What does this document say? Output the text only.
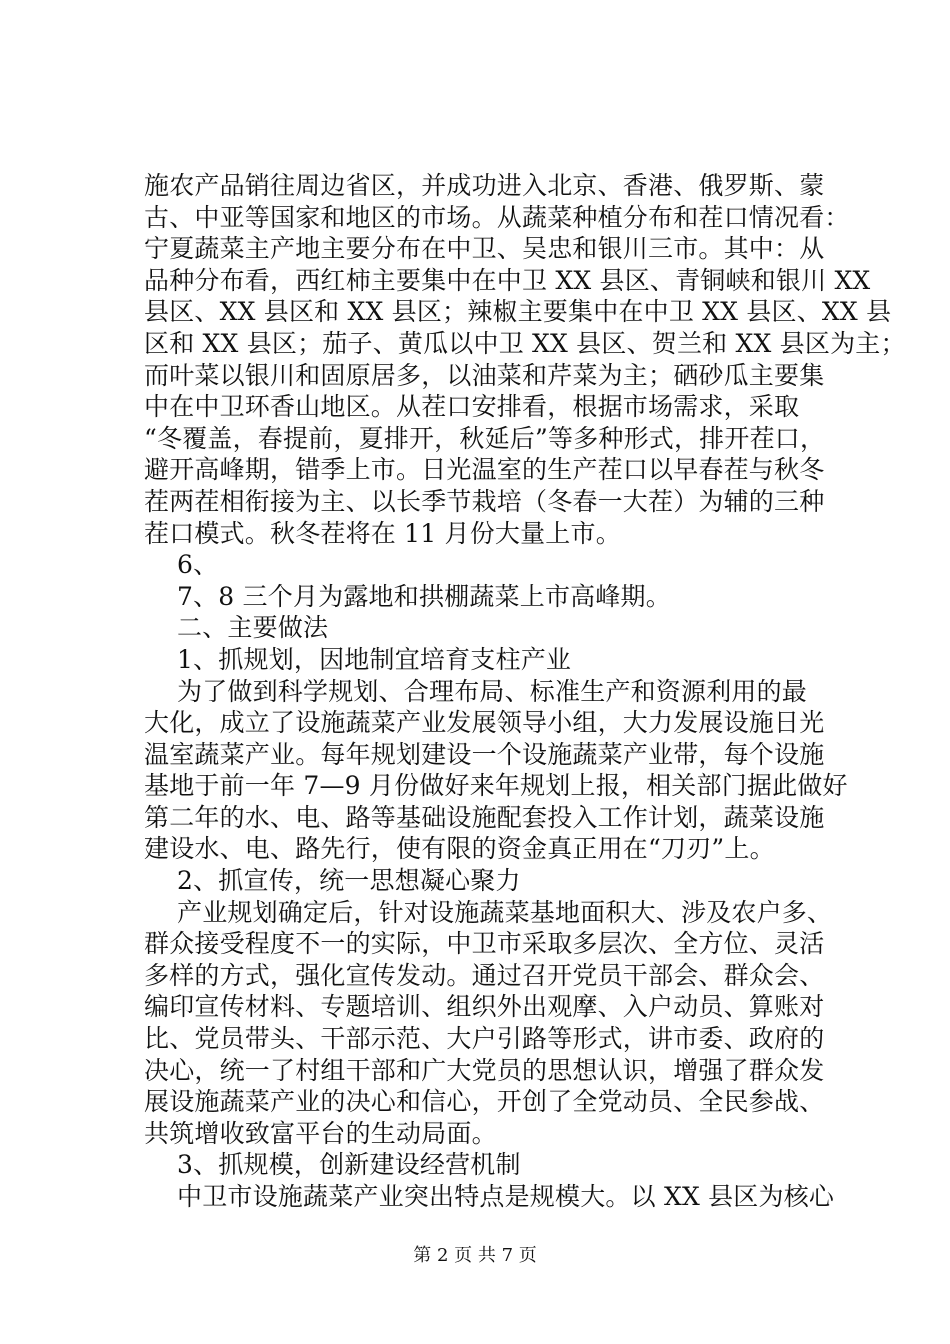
施农产品销往周边省区，并成功进入北京、香港、俄罗斯、蒙
古、中亚等国家和地区的市场。从蔬菜种植分布和茬口情况看：
宁夏蔬菜主产地主要分布在中卫、吴忠和银川三市。其中：从
品种分布看，西红柿主要集中在中卫 XX 县区、青铜峡和银川 XX
县区、XX 县区和 XX 县区；辣椒主要集中在中卫 XX 县区、XX 县
区和 XX 县区；茄子、黄瓜以中卫 XX 县区、贺兰和 XX 县区为主；
而叶菜以银川和固原居多，以油菜和芹菜为主；硒砂瓜主要集
中在中卫环香山地区。从茬口安排看，根据市场需求，采取
“冬覆盖，春提前，夏排开，秋延后”等多种形式，排开茬口，
避开高峰期，错季上市。日光温室的生产茬口以早春茬与秋冬
茬两茬相衔接为主、以长季节栽培（冬春一大茬）为辅的三种
茬口模式。秋冬茬将在 11 月份大量上市。
6、
7、8 三个月为露地和拱棚蔬菜上市高峰期。
二、主要做法
1、抓规划，因地制宜培育支柱产业
为了做到科学规划、合理布局、标准生产和资源利用的最
大化，成立了设施蔬菜产业发展领导小组，大力发展设施日光
温室蔬菜产业。每年规划建设一个设施蔬菜产业带，每个设施
基地于前一年 7—9 月份做好来年规划上报，相关部门据此做好
第二年的水、电、路等基础设施配套投入工作计划，蔬菜设施
建设水、电、路先行，使有限的资金真正用在“刀刃”上。
2、抓宣传，统一思想凝心聚力
产业规划确定后，针对设施蔬菜基地面积大、涉及农户多、
群众接受程度不一的实际，中卫市采取多层次、全方位、灵活
多样的方式，强化宣传发动。通过召开党员干部会、群众会、
编印宣传材料、专题培训、组织外出观摩、入户动员、算账对
比、党员带头、干部示范、大户引路等形式，讲市委、政府的
决心，统一了村组干部和广大党员的思想认识，增强了群众发
展设施蔬菜产业的决心和信心，开创了全党动员、全民参战、
共筑增收致富平台的生动局面。
3、抓规模，创新建设经营机制
中卫市设施蔬菜产业突出特点是规模大。以 XX 县区为核心
第 2 页 共 7 页
